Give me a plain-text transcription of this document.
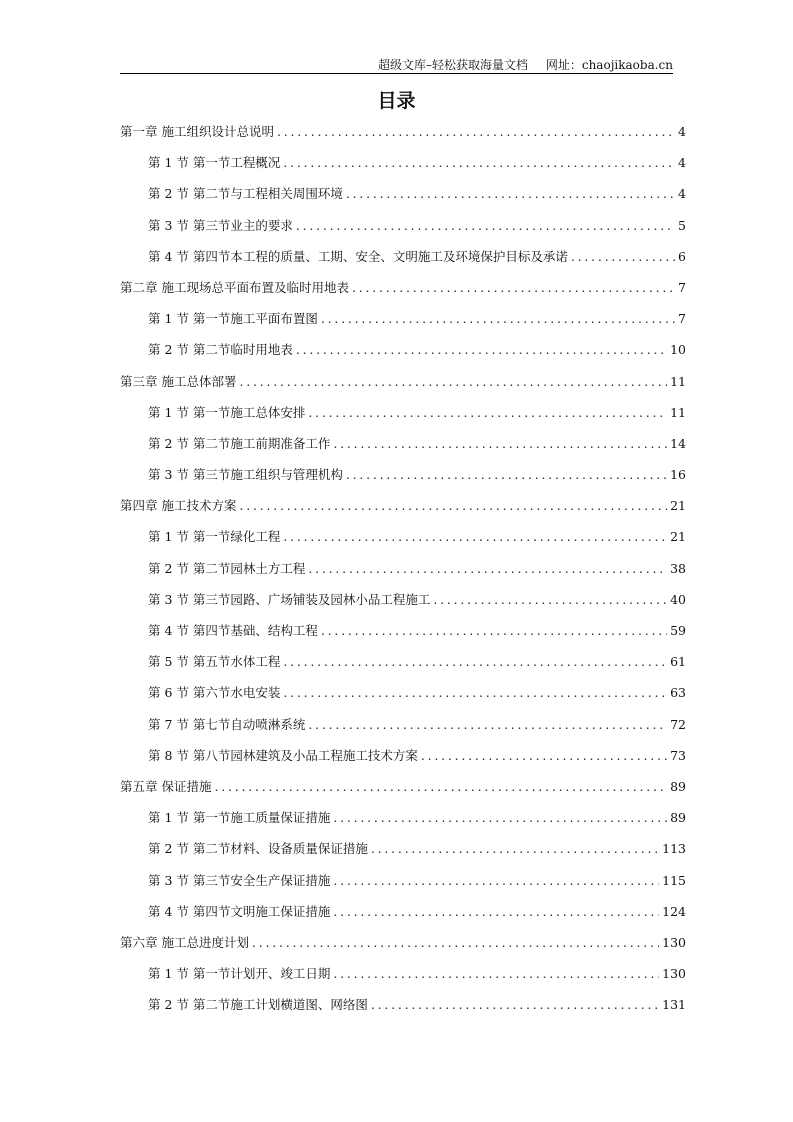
超级文库–轻松获取海量文档 网址：chaojikaoba.cn
目录
第一章 施工组织设计总说明 . . .	4
第 1 节 第一节工程概况 . . .	4
第 2 节 第二节与工程相关周围环境 . . .	4
第 3 节 第三节业主的要求 . . .	5
第 4 节 第四节本工程的质量、工期、安全、文明施工及环境保护目标及承诺 . . .	6
第二章 施工现场总平面布置及临时用地表 . . .	7
第 1 节 第一节施工平面布置图 . . .	7
第 2 节 第二节临时用地表 . . .	10
第三章 施工总体部署 . . .	11
第 1 节 第一节施工总体安排 . . .	11
第 2 节 第二节施工前期准备工作 . . .	14
第 3 节 第三节施工组织与管理机构 . . .	16
第四章 施工技术方案 . . .	21
第 1 节 第一节绿化工程 . . .	21
第 2 节 第二节园林土方工程 . . .	38
第 3 节 第三节园路、广场铺装及园林小品工程施工 . . .	40
第 4 节 第四节基础、结构工程 . . .	59
第 5 节 第五节水体工程 . . .	61
第 6 节 第六节水电安装 . . .	63
第 7 节 第七节自动喷淋系统 . . .	72
第 8 节 第八节园林建筑及小品工程施工技术方案 . . .	73
第五章 保证措施 . . .	89
第 1 节 第一节施工质量保证措施 . . .	89
第 2 节 第二节材料、设备质量保证措施 . . .	113
第 3 节 第三节安全生产保证措施 . . .	115
第 4 节 第四节文明施工保证措施 . . .	124
第六章 施工总进度计划 . . .	130
第 1 节 第一节计划开、竣工日期 . . .	130
第 2 节 第二节施工计划横道图、网络图 . . .	131
